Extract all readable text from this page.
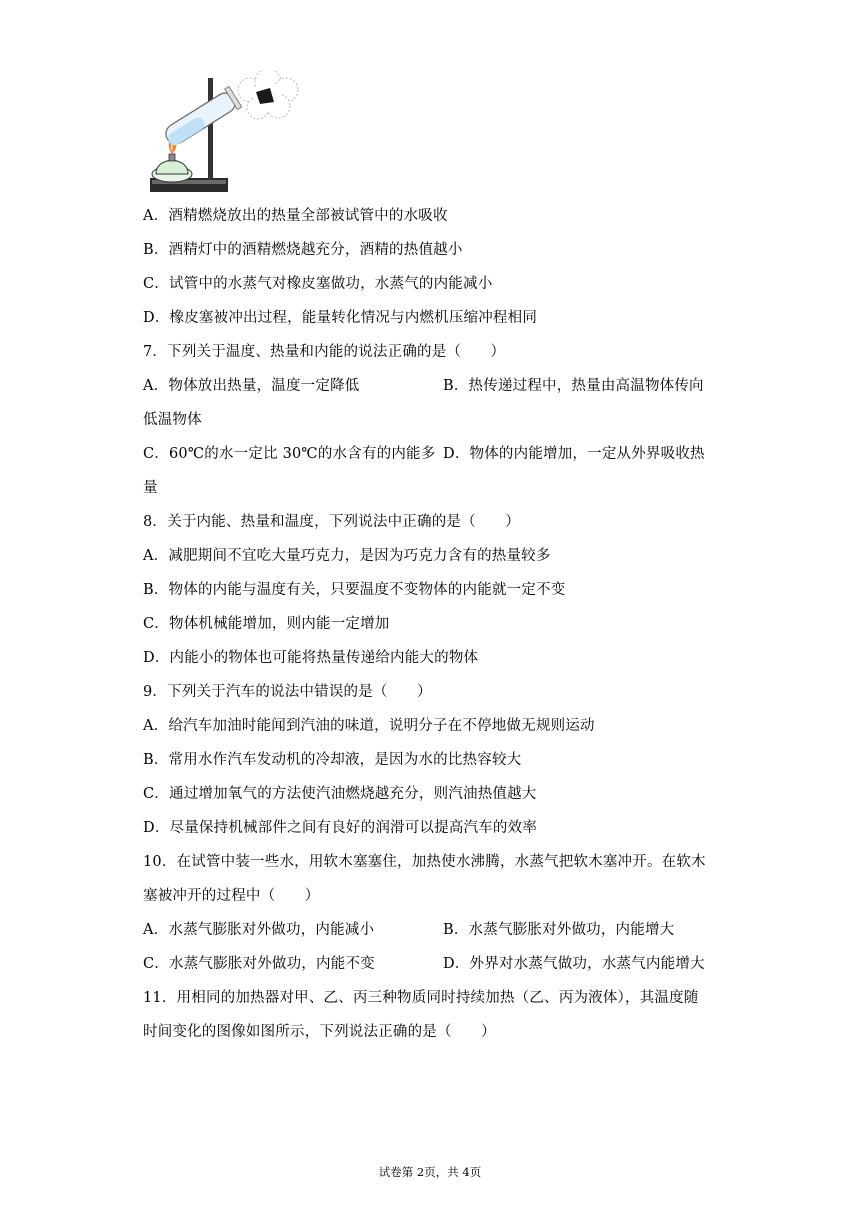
A．酒精燃烧放出的热量全部被试管中的水吸收
B．酒精灯中的酒精燃烧越充分，酒精的热值越小
C．试管中的水蒸气对橡皮塞做功，水蒸气的内能减小
D．橡皮塞被冲出过程，能量转化情况与内燃机压缩冲程相同
7．下列关于温度、热量和内能的说法正确的是（　　）
A．物体放出热量，温度一定降低	B．热传递过程中，热量由高温物体传向
低温物体
C．60℃的水一定比 30℃的水含有的内能多 D．物体的内能增加，一定从外界吸收热
量
8．关于内能、热量和温度，下列说法中正确的是（　　）
A．减肥期间不宜吃大量巧克力，是因为巧克力含有的热量较多
B．物体的内能与温度有关，只要温度不变物体的内能就一定不变
C．物体机械能增加，则内能一定增加
D．内能小的物体也可能将热量传递给内能大的物体
9．下列关于汽车的说法中错误的是（　　）
A．给汽车加油时能闻到汽油的味道，说明分子在不停地做无规则运动
B．常用水作汽车发动机的冷却液，是因为水的比热容较大
C．通过增加氧气的方法使汽油燃烧越充分，则汽油热值越大
D．尽量保持机械部件之间有良好的润滑可以提高汽车的效率
10．在试管中装一些水，用软木塞塞住，加热使水沸腾，水蒸气把软木塞冲开。在软木
塞被冲开的过程中（　　）
A．水蒸气膨胀对外做功，内能减小	B．水蒸气膨胀对外做功，内能增大
C．水蒸气膨胀对外做功，内能不变	D．外界对水蒸气做功，水蒸气内能增大
11．用相同的加热器对甲、乙、丙三种物质同时持续加热（乙、丙为液体），其温度随
时间变化的图像如图所示，下列说法正确的是（　　）
试卷第 2页，共 4页
